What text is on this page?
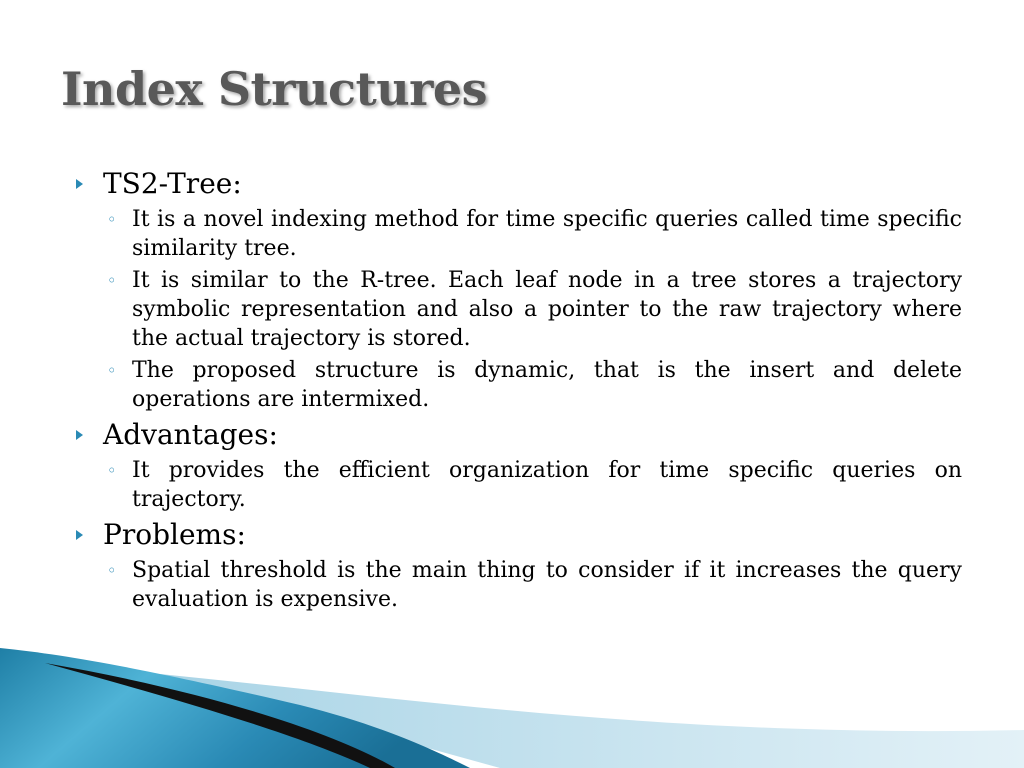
Index Structures
TS2-Tree:
◦ It is a novel indexing method for time specific queries called time specific similarity tree.
◦ It is similar to the R-tree. Each leaf node in a tree stores a trajectory symbolic representation and also a pointer to the raw trajectory where the actual trajectory is stored.
◦ The proposed structure is dynamic, that is the insert and delete operations are intermixed.
Advantages:
◦ It provides the efficient organization for time specific queries on trajectory.
Problems:
◦ Spatial threshold is the main thing to consider if it increases the query evaluation is expensive.
